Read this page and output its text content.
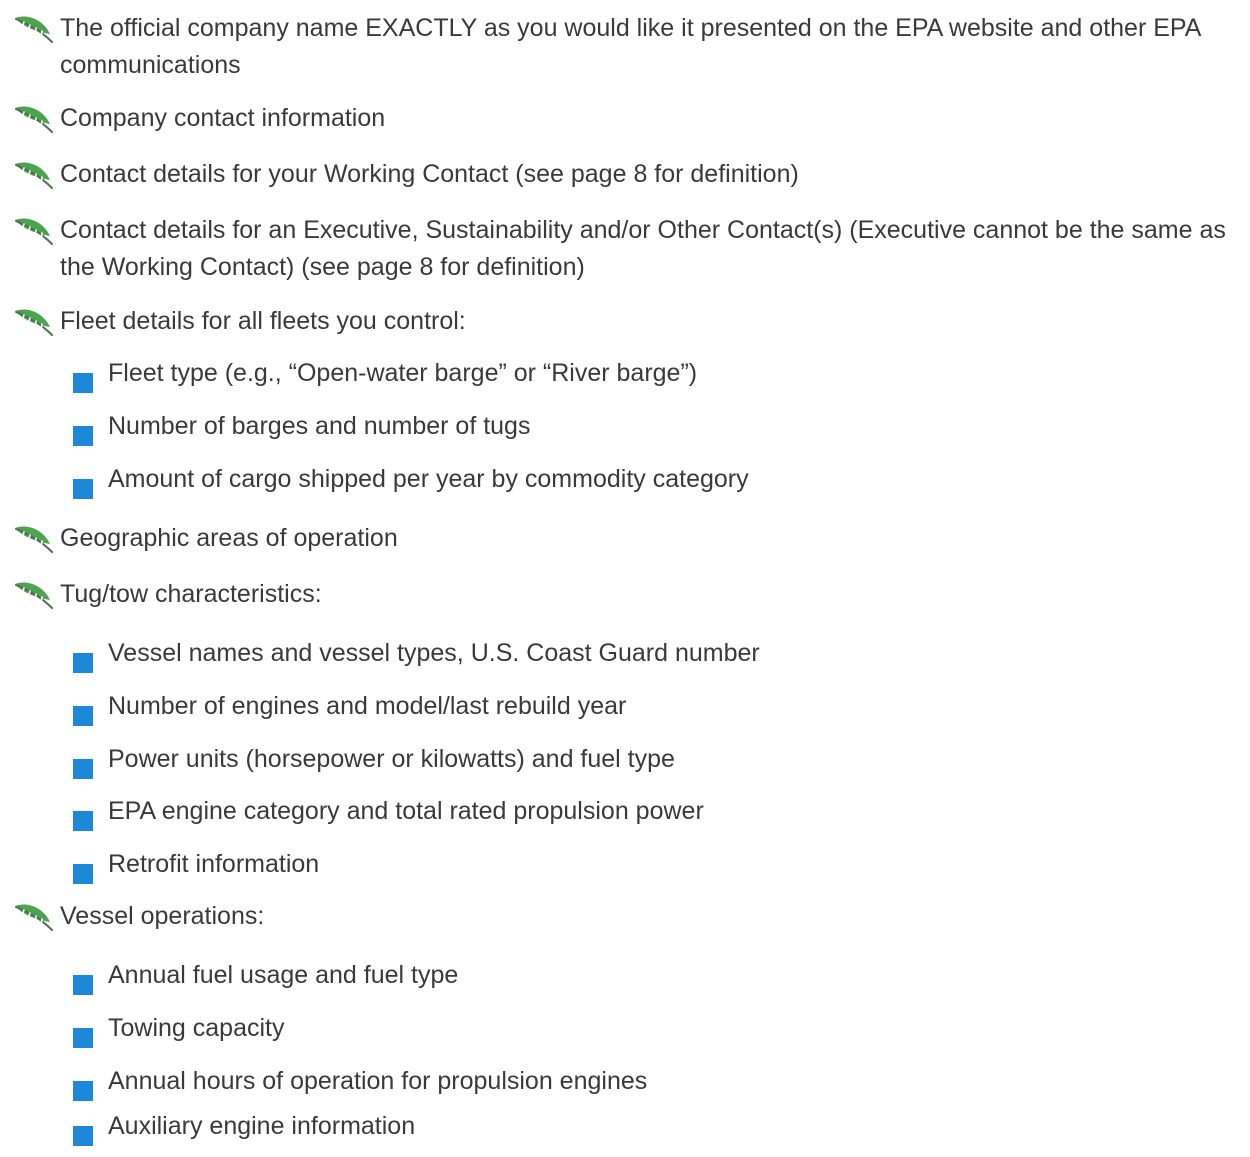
The official company name EXACTLY as you would like it presented on the EPA website and other EPA communications
Company contact information
Contact details for your Working Contact (see page 8 for definition)
Contact details for an Executive, Sustainability and/or Other Contact(s) (Executive cannot be the same as the Working Contact) (see page 8 for definition)
Fleet details for all fleets you control:
Fleet type (e.g., “Open-water barge” or “River barge”)
Number of barges and number of tugs
Amount of cargo shipped per year by commodity category
Geographic areas of operation
Tug/tow characteristics:
Vessel names and vessel types, U.S. Coast Guard number
Number of engines and model/last rebuild year
Power units (horsepower or kilowatts) and fuel type
EPA engine category and total rated propulsion power
Retrofit information
Vessel operations:
Annual fuel usage and fuel type
Towing capacity
Annual hours of operation for propulsion engines
Auxiliary engine information
